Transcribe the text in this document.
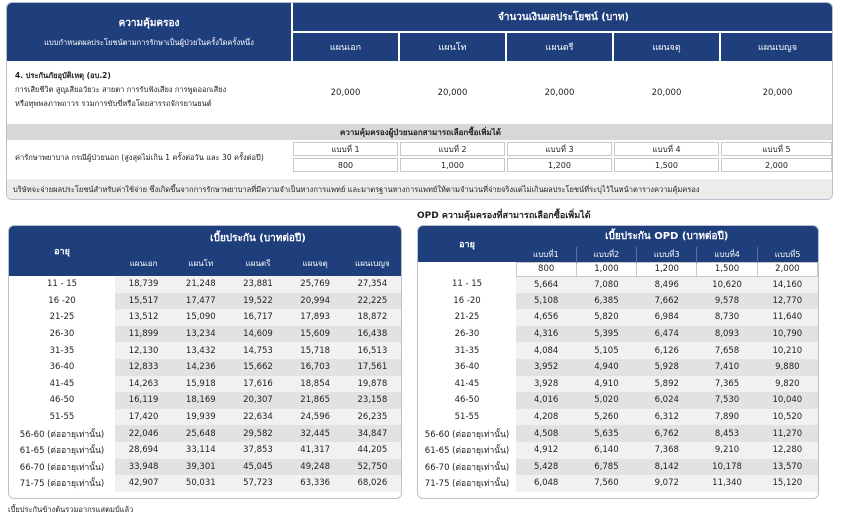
ความคุ้มครอง
แบบกำหนดผลประโยชน์ตามการรักษาเป็นผู้ป่วยในครั้งใดครั้งหนึ่ง
จำนวนเงินผลประโยชน์ (บาท)
แผนเอก	แผนโท	แผนตรี	แผนจตุ	แผนเบญจ
4. ประกันภัยอุบัติเหตุ (อบ.2)
การเสียชีวิต สูญเสียอวัยวะ สายตา การรับฟังเสียง การพูดออกเสียง
หรือทุพพลภาพถาวร รวมการขับขี่หรือโดยสารรถจักรยานยนต์
20,000	20,000	20,000	20,000	20,000
ความคุ้มครองผู้ป่วยนอกสามารถเลือกซื้อเพิ่มได้
ค่ารักษาพยาบาล กรณีผู้ป่วยนอก (สูงสุดไม่เกิน 1 ครั้งต่อวัน และ 30 ครั้งต่อปี)
แบบที่ 1	แบบที่ 2	แบบที่ 3	แบบที่ 4	แบบที่ 5
800	1,000	1,200	1,500	2,000
บริษัทจะจ่ายผลประโยชน์สำหรับค่าใช้จ่าย ซึ่งเกิดขึ้นจากการรักษาพยาบาลที่มีความจำเป็นทางการแพทย์ และมาตรฐานทางการแพทย์ให้ตามจำนวนที่จ่ายจริงแต่ไม่เกินผลประโยชน์ที่ระบุไว้ในหน้าตารางความคุ้มครอง
อายุ	เบี้ยประกัน (บาทต่อปี)				
	แผนเอก	แผนโท	แผนตรี	แผนจตุ	แผนเบญจ
11 - 15	18,739	21,248	23,881	25,769	27,354
16 -20	15,517	17,477	19,522	20,994	22,225
21-25	13,512	15,090	16,717	17,893	18,872
26-30	11,899	13,234	14,609	15,609	16,438
31-35	12,130	13,432	14,753	15,718	16,513
36-40	12,833	14,236	15,662	16,703	17,561
41-45	14,263	15,918	17,616	18,854	19,878
46-50	16,119	18,169	20,307	21,865	23,158
51-55	17,420	19,939	22,634	24,596	26,235
56-60 (ต่ออายุเท่านั้น)	22,046	25,648	29,582	32,445	34,847
61-65 (ต่ออายุเท่านั้น)	28,694	33,114	37,853	41,317	44,205
66-70 (ต่ออายุเท่านั้น)	33,948	39,301	45,045	49,248	52,750
71-75 (ต่ออายุเท่านั้น)	42,907	50,031	57,723	63,336	68,026
OPD ความคุ้มครองที่สามารถเลือกซื้อเพิ่มได้
อายุ	เบี้ยประกัน OPD (บาทต่อปี)				
	แบบที่1	แบบที่2	แบบที่3	แบบที่4	แบบที่5
	800	1,000	1,200	1,500	2,000
11 - 15	5,664	7,080	8,496	10,620	14,160
16 -20	5,108	6,385	7,662	9,578	12,770
21-25	4,656	5,820	6,984	8,730	11,640
26-30	4,316	5,395	6,474	8,093	10,790
31-35	4,084	5,105	6,126	7,658	10,210
36-40	3,952	4,940	5,928	7,410	9,880
41-45	3,928	4,910	5,892	7,365	9,820
46-50	4,016	5,020	6,024	7,530	10,040
51-55	4,208	5,260	6,312	7,890	10,520
56-60 (ต่ออายุเท่านั้น)	4,508	5,635	6,762	8,453	11,270
61-65 (ต่ออายุเท่านั้น)	4,912	6,140	7,368	9,210	12,280
66-70 (ต่ออายุเท่านั้น)	5,428	6,785	8,142	10,178	13,570
71-75 (ต่ออายุเท่านั้น)	6,048	7,560	9,072	11,340	15,120
เบี้ยประกันข้างต้นรวมอากรแสตมป์แล้ว
